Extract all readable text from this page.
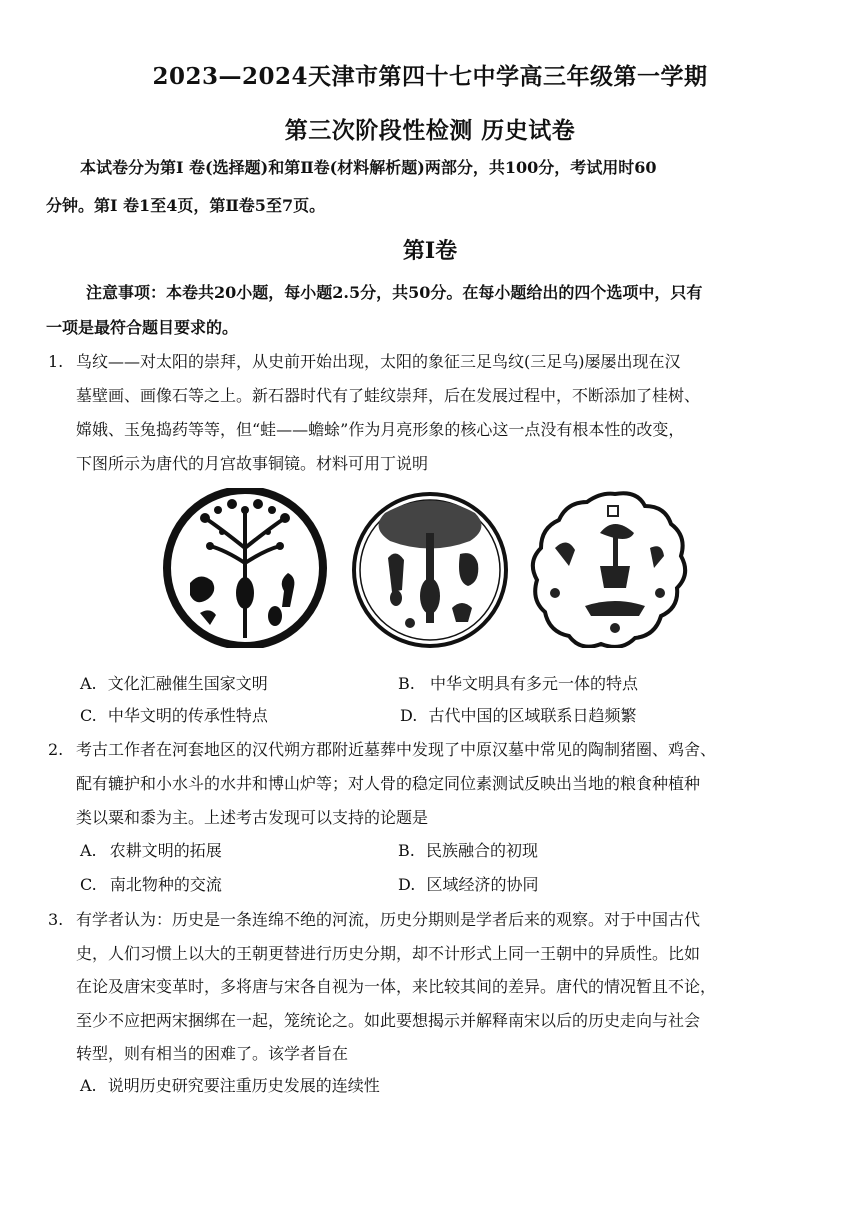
2023—2024天津市第四十七中学高三年级第一学期
第三次阶段性检测 历史试卷
本试卷分为第I 卷(选择题)和第Ⅱ卷(材料解析题)两部分，共100分，考试用时60
分钟。第I 卷1至4页，第Ⅱ卷5至7页。
第I卷
注意事项：本卷共20小题，每小题2.5分，共50分。在每小题给出的四个选项中，只有
一项是最符合题目要求的。
1. 鸟纹——对太阳的崇拜，从史前开始出现，太阳的象征三足鸟纹(三足乌)屡屡出现在汉
墓壁画、画像石等之上。新石器时代有了蛙纹崇拜，后在发展过程中，不断添加了桂树、
嫦娥、玉兔捣药等等，但“蛙——蟾蜍”作为月亮形象的核心这一点没有根本性的改变，
下图所示为唐代的月宫故事铜镜。材料可用丁说明
A. 文化汇融催生国家文明	B. 中华文明具有多元一体的特点
C. 中华文明的传承性特点	D. 古代中国的区域联系日趋频繁
2. 考古工作者在河套地区的汉代朔方郡附近墓葬中发现了中原汉墓中常见的陶制猪圈、鸡舍、
配有辘护和小水斗的水井和博山炉等；对人骨的稳定同位素测试反映出当地的粮食种植种
类以粟和黍为主。上述考古发现可以支持的论题是
A. 农耕文明的拓展	B. 民族融合的初现
C. 南北物种的交流	D. 区域经济的协同
3. 有学者认为：历史是一条连绵不绝的河流，历史分期则是学者后来的观察。对于中国古代
史，人们习惯上以大的王朝更替进行历史分期，却不计形式上同一王朝中的异质性。比如
在论及唐宋变革时，多将唐与宋各自视为一体，来比较其间的差异。唐代的情况暂且不论，
至少不应把两宋捆绑在一起，笼统论之。如此要想揭示并解释南宋以后的历史走向与社会
转型，则有相当的困难了。该学者旨在
A. 说明历史研究要注重历史发展的连续性
